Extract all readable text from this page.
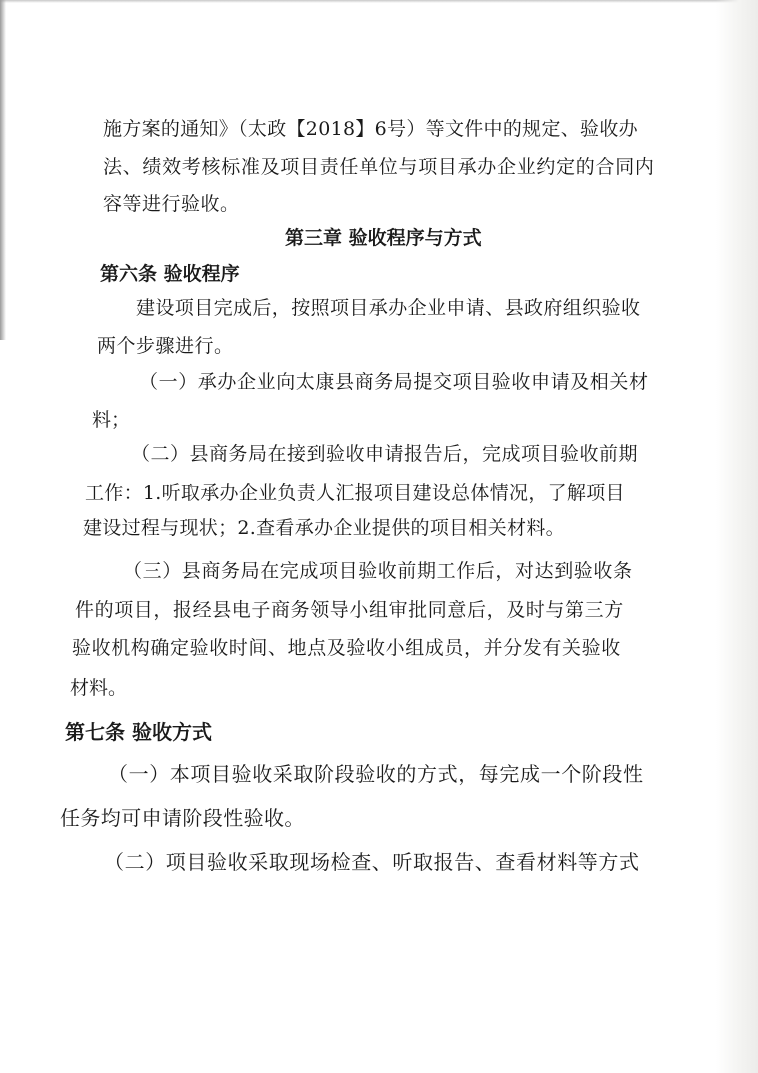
施方案的通知》（太政【2018】6号）等文件中的规定、验收办
法、绩效考核标准及项目责任单位与项目承办企业约定的合同内
容等进行验收。
第三章 验收程序与方式
第六条 验收程序
建设项目完成后，按照项目承办企业申请、县政府组织验收
两个步骤进行。
（一）承办企业向太康县商务局提交项目验收申请及相关材
料；
（二）县商务局在接到验收申请报告后，完成项目验收前期
工作：1.听取承办企业负责人汇报项目建设总体情况，了解项目
建设过程与现状；2.查看承办企业提供的项目相关材料。
（三）县商务局在完成项目验收前期工作后，对达到验收条
件的项目，报经县电子商务领导小组审批同意后，及时与第三方
验收机构确定验收时间、地点及验收小组成员，并分发有关验收
材料。
第七条 验收方式
（一）本项目验收采取阶段验收的方式，每完成一个阶段性
任务均可申请阶段性验收。
（二）项目验收采取现场检查、听取报告、查看材料等方式
